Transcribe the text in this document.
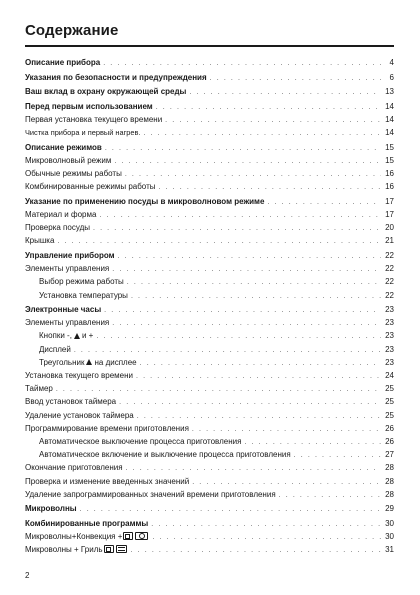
Содержание
Описание прибора . . .	4
Указания по безопасности и предупреждения . . .	6
Ваш вклад в охрану окружающей среды . . .	13
Перед первым использованием . . .	14
Первая установка текущего времени . . .	14
Чистка прибора и первый нагрев. . . .	14
Описание режимов . . .	15
Микроволновый режим . . .	15
Обычные режимы работы . . .	16
Комбинированные режимы работы . . .	16
Указание по применению посуды в микроволновом режиме . . .	17
Материал и форма . . .	17
Проверка посуды . . .	20
Крышка . . .	21
Управление прибором . . .	22
Элементы управления . . .	22
Выбор режима работы . . .	22
Установка температуры . . .	22
Электронные часы . . .	23
Элементы управления . . .	23
Кнопки -, и + . . .	23
Дисплей . . .	23
Треугольник на дисплее . . .	23
Установка текущего времени . . .	24
Таймер . . .	25
Ввод установок таймера . . .	25
Удаление установок таймера . . .	25
Программирование времени приготовления . . .	26
Автоматическое выключение процесса приготовления . . .	26
Автоматическое включение и выключение процесса приготовления . . .	27
Окончание приготовления . . .	28
Проверка и изменение введенных значений . . .	28
Удаление запрограммированных значений времени приготовления . . .	28
Микроволны . . .	29
Комбинированные программы . . .	30
Микроволны+Конвекция + . . .	30
Микроволны + Гриль . . .	31
2
